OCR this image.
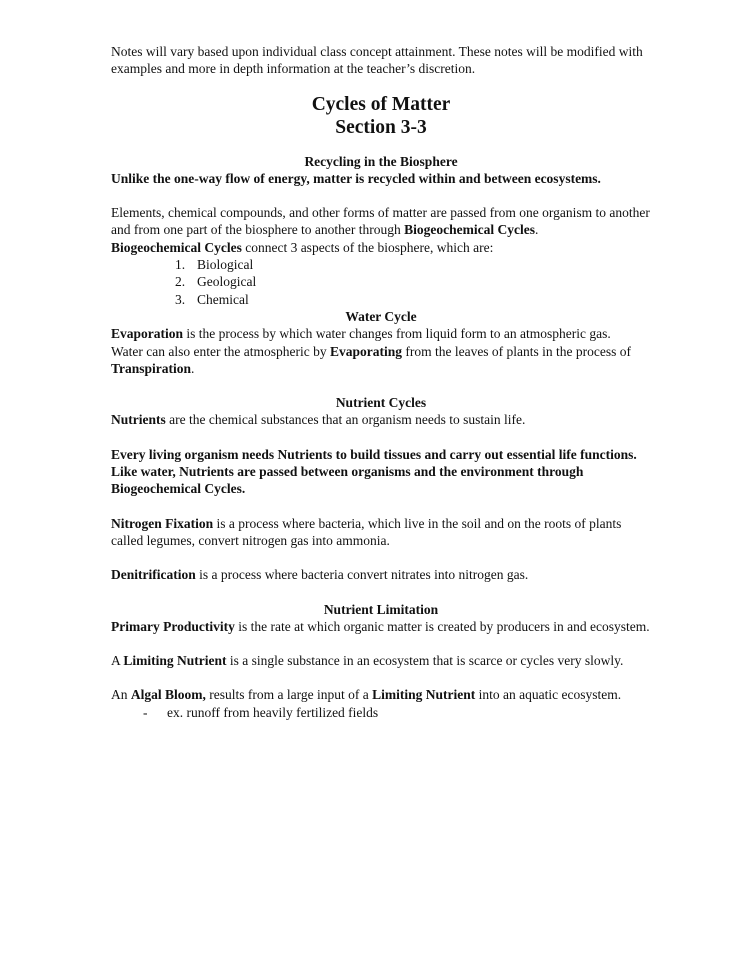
Notes will vary based upon individual class concept attainment. These notes will be modified with examples and more in depth information at the teacher’s discretion.

Cycles of Matter
Section 3-3
Recycling in the Biosphere

Unlike the one-way flow of energy, matter is recycled within and between ecosystems.

Elements, chemical compounds, and other forms of matter are passed from one organism to another and from one part of the biosphere to another through Biogeochemical Cycles.

Biogeochemical Cycles connect 3 aspects of the biosphere, which are:

1. Biological
2. Geological
3. Chemical
Water Cycle

Evaporation is the process by which water changes from liquid form to an atmospheric gas.

Water can also enter the atmospheric by Evaporating from the leaves of plants in the process of Transpiration.

Nutrient Cycles

Nutrients are the chemical substances that an organism needs to sustain life.

Every living organism needs Nutrients to build tissues and carry out essential life functions. Like water, Nutrients are passed between organisms and the environment through Biogeochemical Cycles.

Nitrogen Fixation is a process where bacteria, which live in the soil and on the roots of plants called legumes, convert nitrogen gas into ammonia.

Denitrification is a process where bacteria convert nitrates into nitrogen gas.

Nutrient Limitation

Primary Productivity is the rate at which organic matter is created by producers in and ecosystem.

A Limiting Nutrient is a single substance in an ecosystem that is scarce or cycles very slowly.

An Algal Bloom, results from a large input of a Limiting Nutrient into an aquatic ecosystem.

- ex. runoff from heavily fertilized fields
